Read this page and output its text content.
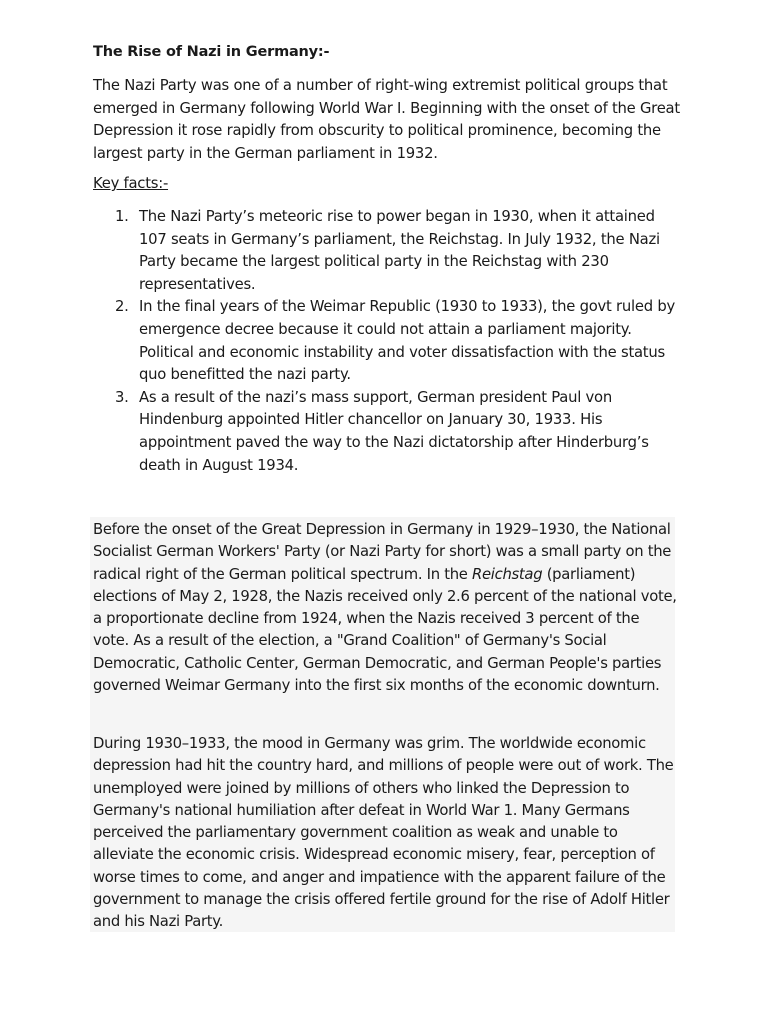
The Rise of Nazi in Germany:-

The Nazi Party was one of a number of right-wing extremist political groups that emerged in Germany following World War I. Beginning with the onset of the Great Depression it rose rapidly from obscurity to political prominence, becoming the largest party in the German parliament in 1932.

Key facts:-

1. The Nazi Party’s meteoric rise to power began in 1930, when it attained 107 seats in Germany’s parliament, the Reichstag. In July 1932, the Nazi Party became the largest political party in the Reichstag with 230 representatives.
2. In the final years of the Weimar Republic (1930 to 1933), the govt ruled by emergence decree because it could not attain a parliament majority. Political and economic instability and voter dissatisfaction with the status quo benefitted the nazi party.
3. As a result of the nazi’s mass support, German president Paul von Hindenburg appointed Hitler chancellor on January 30, 1933. His appointment paved the way to the Nazi dictatorship after Hinderburg’s death in August 1934.

Before the onset of the Great Depression in Germany in 1929–1930, the National Socialist German Workers' Party (or Nazi Party for short) was a small party on the radical right of the German political spectrum. In the Reichstag (parliament) elections of May 2, 1928, the Nazis received only 2.6 percent of the national vote, a proportionate decline from 1924, when the Nazis received 3 percent of the vote. As a result of the election, a "Grand Coalition" of Germany's Social Democratic, Catholic Center, German Democratic, and German People's parties governed Weimar Germany into the first six months of the economic downturn.

During 1930–1933, the mood in Germany was grim. The worldwide economic depression had hit the country hard, and millions of people were out of work. The unemployed were joined by millions of others who linked the Depression to Germany's national humiliation after defeat in World War 1. Many Germans perceived the parliamentary government coalition as weak and unable to alleviate the economic crisis. Widespread economic misery, fear, perception of worse times to come, and anger and impatience with the apparent failure of the government to manage the crisis offered fertile ground for the rise of Adolf Hitler and his Nazi Party.
